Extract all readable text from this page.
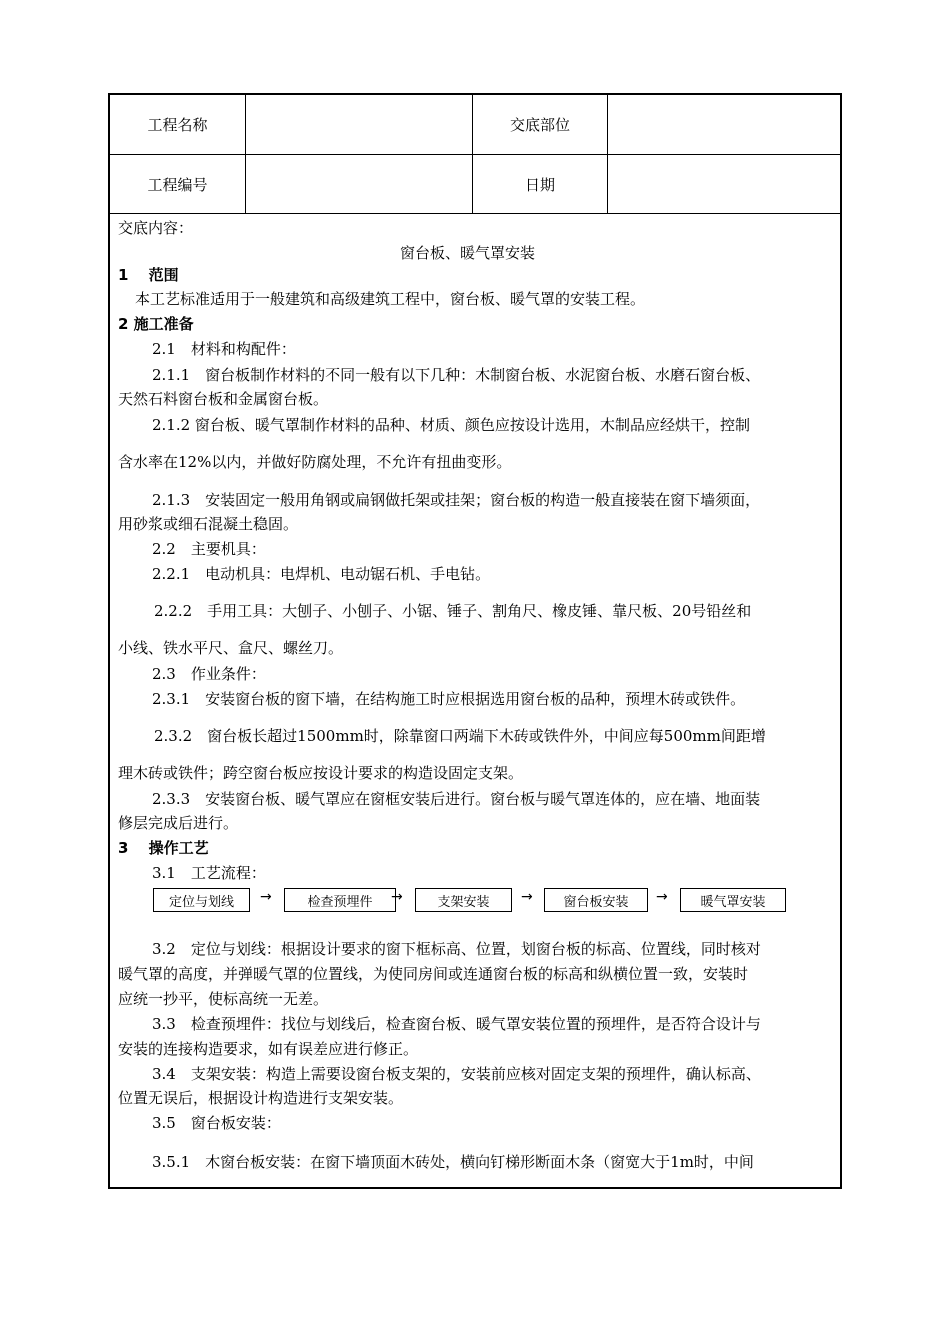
工程名称	交底部位
工程编号	日期
交底内容：
窗台板、暖气罩安装
1　 范围
本工艺标准适用于一般建筑和高级建筑工程中，窗台板、暖气罩的安装工程。
2 施工准备
2.1　材料和构配件：
2.1.1　窗台板制作材料的不同一般有以下几种：木制窗台板、水泥窗台板、水磨石窗台板、
天然石料窗台板和金属窗台板。
2.1.2 窗台板、暖气罩制作材料的品种、材质、颜色应按设计选用，木制品应经烘干，控制
含水率在12%以内，并做好防腐处理，不允许有扭曲变形。
2.1.3　安装固定一般用角钢或扁钢做托架或挂架；窗台板的构造一般直接装在窗下墙须面，
用砂浆或细石混凝土稳固。
2.2　主要机具：
2.2.1　电动机具：电焊机、电动锯石机、手电钻。
2.2.2　手用工具：大刨子、小刨子、小锯、锤子、割角尺、橡皮锤、靠尺板、20号铅丝和
小线、铁水平尺、盒尺、螺丝刀。
2.3　作业条件：
2.3.1　安装窗台板的窗下墙，在结构施工时应根据选用窗台板的品种，预埋木砖或铁件。
2.3.2　窗台板长超过1500mm时，除靠窗口两端下木砖或铁件外，中间应每500mm间距增
理木砖或铁件；跨空窗台板应按设计要求的构造设固定支架。
2.3.3　安装窗台板、暖气罩应在窗框安装后进行。窗台板与暖气罩连体的，应在墙、地面装
修层完成后进行。
3　 操作工艺
3.1　工艺流程：
定位与划线	→	检查预埋件	→	支架安装	→	窗台板安装	→	暖气罩安装
3.2　定位与划线：根据设计要求的窗下框标高、位置，划窗台板的标高、位置线，同时核对
暖气罩的高度，并弹暖气罩的位置线，为使同房间或连通窗台板的标高和纵横位置一致，安装时
应统一抄平，使标高统一无差。
3.3　检查预埋件：找位与划线后，检查窗台板、暖气罩安装位置的预埋件，是否符合设计与
安装的连接构造要求，如有误差应进行修正。
3.4　支架安装：构造上需要设窗台板支架的，安装前应核对固定支架的预埋件，确认标高、
位置无误后，根据设计构造进行支架安装。
3.5　窗台板安装：
3.5.1　木窗台板安装：在窗下墙顶面木砖处，横向钉梯形断面木条（窗宽大于1m时，中间
